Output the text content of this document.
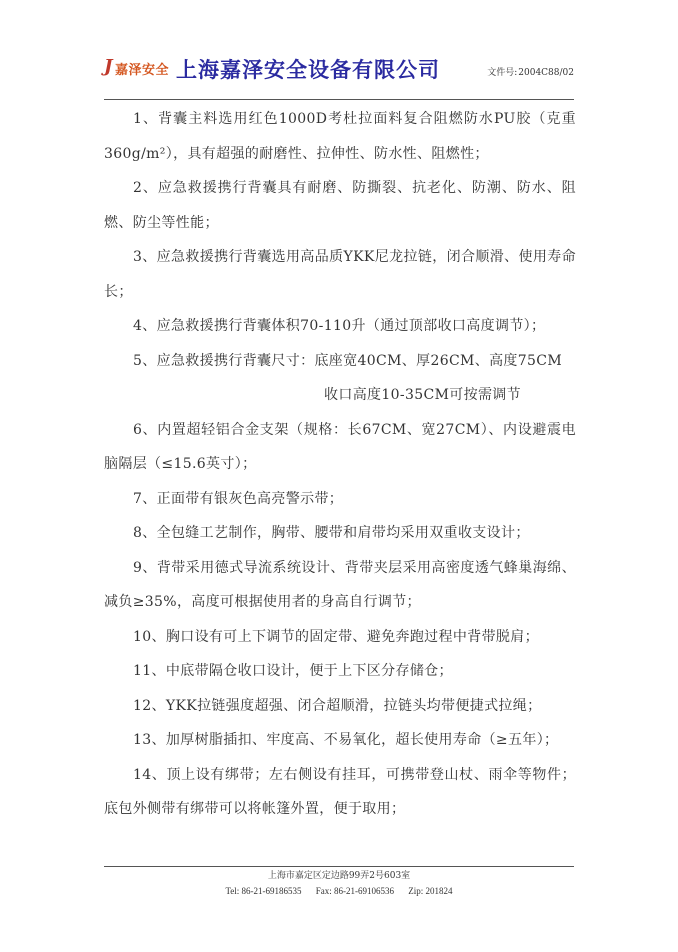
J 嘉泽安全 上海嘉泽安全设备有限公司	文件号:2004C88/02

1、背囊主料选用红色1000D考杜拉面料复合阻燃防水PU胶（克重360g/m²），具有超强的耐磨性、拉伸性、防水性、阻燃性；

2、应急救援携行背囊具有耐磨、防撕裂、抗老化、防潮、防水、阻燃、防尘等性能；

3、应急救援携行背囊选用高品质YKK尼龙拉链，闭合顺滑、使用寿命长；

4、应急救援携行背囊体积70-110升（通过顶部收口高度调节）；

5、应急救援携行背囊尺寸：底座宽40CM、厚26CM、高度75CM

收口高度10-35CM可按需调节

6、内置超轻铝合金支架（规格：长67CM、宽27CM）、内设避震电脑隔层（≤15.6英寸）；

7、正面带有银灰色高亮警示带；

8、全包缝工艺制作，胸带、腰带和肩带均采用双重收支设计；

9、背带采用德式导流系统设计、背带夹层采用高密度透气蜂巢海绵、减负≥35%，高度可根据使用者的身高自行调节；

10、胸口设有可上下调节的固定带、避免奔跑过程中背带脱肩；

11、中底带隔仓收口设计，便于上下区分存储仓；

12、YKK拉链强度超强、闭合超顺滑，拉链头均带便捷式拉绳；

13、加厚树脂插扣、牢度高、不易氧化，超长使用寿命（≥五年）；

14、顶上设有绑带；左右侧设有挂耳，可携带登山杖、雨伞等物件；底包外侧带有绑带可以将帐篷外置，便于取用；

上海市嘉定区定边路99弄2号603室
Tel: 86-21-69186535 Fax: 86-21-69106536 Zip: 201824
